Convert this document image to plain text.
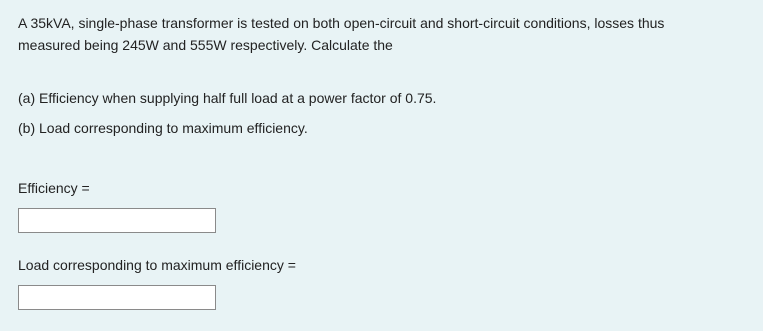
A 35kVA, single-phase transformer is tested on both open-circuit and short-circuit conditions, losses thus
measured being 245W and 555W respectively. Calculate the

(a) Efficiency when supplying half full load at a power factor of 0.75.

(b) Load corresponding to maximum efficiency.

Efficiency =
Load corresponding to maximum efficiency =
